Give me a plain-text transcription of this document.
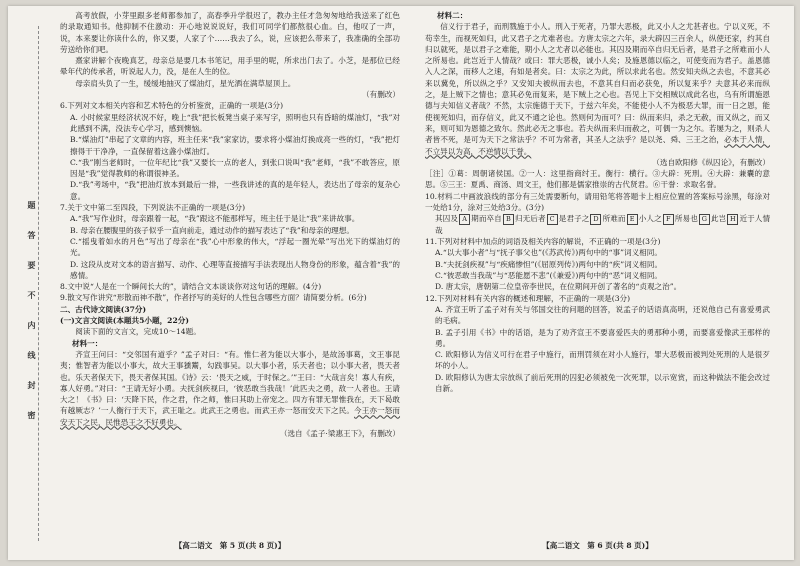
题
答
要
不
内
线
封
密

高考放假，小芽里跟多老师都参加了，高春季升学很迟了，教办主任才急匆匆地给我送来了红色的录取通知书。他抑制不住激动：开心地说说说好，我们可同学们都熬很心血。白，他叹了一声，说，本来要让你读什么的，你又要，人家了个……我去了么，说，应该把么带来了，我准确的全部功劳送给你们吧。

熹家讲解个夜晚真艺，母亲总是要几本书笔记，用手里的呢，所求出门去了。小芝，是那位已经晕年代的传承者，听说起人力，没，是在人生的位。

母亲肩头负了一生，缓缓地抽灭了煤油灯，星光洒在满草屋顶上。

（有删改）

6.下列对文本相关内容和艺术特色的分析鉴赏，正确的一项是(3分)

A. 小时候家里经济状况不好，晚上“我”把长板凳当桌子来写字，照明也只有昏暗的煤油灯，“我”对此感到不满，没法专心学习，感到懊恼。

B.“煤油灯”串起了文章的内容，班主任来“我”家家访，要求将小煤油灯换成亮一些的灯，“我”把灯擦得干干净净，一直保留着这盏小煤油灯。

C.“我”刚当老师时，一位年纪比“我”又要长一点的老人，到张口说叫“我”老师，“我”不敢答应，原因是“我”觉得教师的称谓很神圣。

D.“我”考场中，“我”把油灯放本到最后一排，一些我讲述的真的是年轻人，表达出了母亲的复杂心意。

7.关于文中第二至四段，下列说法不正确的一项是(3分)

A.“我”写作业时，母亲跟着一起，“我”跟这不能那样写，班主任于是让“我”来讲故事。

B. 母亲在腰腹里的孩子似乎一直向前走，通过动作的描写表达了“我”和母亲的理想。

C.“摇曳着如水的月色”写出了母亲在“我”心中形象的伟大，“浮起一圈光晕”写出光下的煤油灯的光。

D. 这段从皮对文本的语言描写、动作、心理等直接描写手法表现出人物身份的形象，蕴含着“我”的感情。

8.文中说“人是在一个瞬间长大的”，请结合文本谈谈你对这句话的理解。(4分)

9.散文写作讲究“形散而神不散”，作者抒写的美好的人性包含哪些方面？请简要分析。(6分)

二、古代诗文阅读(37分)

(一)文言文阅读(本题共5小题，22分)

阅读下面的文言文，完成10～14题。

材料一：

齐宣王问曰：“交邻国有道乎？”孟子对曰：“有。惟仁者为能以大事小，是故汤事葛，文王事昆夷；惟智者为能以小事大，故大王事獯鬻，勾践事吴。以大事小者，乐天者也；以小事大者，畏天者也。乐天者保天下，畏天者保其国。《诗》云：‘畏天之威，于时保之。’”王曰：“大哉言矣！寡人有疾，寡人好勇。”对曰：“王请无好小勇。夫抚剑疾视曰，‘彼恶敢当我哉！’此匹夫之勇，敌一人者也。王请大之！《书》曰：‘天降下民，作之君，作之师，惟曰其助上帝宠之。四方有罪无罪惟我在，天下曷敢有越厥志？’一人衡行于天下，武王耻之。此武王之勇也。而武王亦一怒而安天下之民。今王亦一怒而安天下之民，民惟恐王之不好勇也。

（选自《孟子·梁惠王下》，有删改）

材料二：

信义行于君子，而刑戮施于小人。刑入于死者，乃罪大恶极，此又小人之尤甚者也。宁以义死，不苟幸生，而视死如归，此又君子之尤难者也。方唐太宗之六年，录大辟囚三百余人，纵使还家，约其自归以就死，是以君子之难能，期小人之尤者以必能也。其囚及期而卒自归无后者，是君子之所难而小人之所易也。此岂近于人情哉？或曰：罪大恶极，诚小人矣；及施恩德以临之，可使变而为君子。盖恩德入人之深，而移人之速，有如是者矣。曰：太宗之为此，所以求此名也。然安知夫纵之去也，不意其必来以冀免，所以纵之乎？又安知夫被纵而去也，不意其自归而必获免，所以复来乎？夫意其必来而纵之，是上贼下之情也；意其必免而复来，是下贼上之心也。吾见上下交相贼以成此名也，乌有所谓施恩德与夫知信义者哉？不然，太宗施德于天下，于兹六年矣，不能使小人不为极恶大罪，而一日之恩，能使视死如归，而存信义，此又不通之论也。然则何为而可？曰：纵而来归，杀之无赦，而又纵之，而又来，则可知为恩德之致尔。然此必无之事也。若夫纵而来归而赦之，可偶一为之尔。若屡为之，则杀人者皆不死，是可为天下之常法乎？不可为常者，其圣人之法乎？是以尧、舜、三王之治，必本于人情，不立异以为高，不逆情以干誉。

（选自欧阳修《纵囚论》，有删改）

［注］①葛：周朝诸侯国。②一人：这里指商纣王。衡行：横行。③大辟：死刑。④大辟：兼囊的意思。⑤三王：夏禹、商汤、周文王，他们都是儒家推崇的古代贤君。⑥干誉：求取名誉。

10.材料二中画波浪线的部分有三处需要断句，请用铅笔将答题卡上相应位置的答案标号涂黑，每涂对一处给1分，涂对三处给3分。(3分)

其囚及 A 期而卒自 B 归无后者 C 是君子之 D 所难而 E 小人之 F 所易也 G 此岂 H 近于人情哉

11.下列对材料中加点的词语及相关内容的解说，不正确的一项是(3分)

A.“以大事小者”与“抚子事父也”(《苏武传》)两句中的“事”词义相同。

B.“夫抚剑疾视”与“疾痛惨怛”(《屈原列传》)两句中的“疾”词义相同。

C.“彼恶敢当我哉”与“恶能愿不悲”(《兼爱》)两句中的“恶”词义相同。

D. 唐太宗，唐朝第二位皇帝李世民，在位期间开创了著名的“贞观之治”。

12.下列对材料有关内容的概述和理解，不正确的一项是(3分)

A. 齐宣王听了孟子对有关与邻国交往的问题的回答，说孟子的话语真高明，还说他自己有喜爱勇武的毛病。

B. 孟子引用《书》中的话语，是为了劝齐宣王不要喜爱匹夫的勇那种小勇，而要喜爱像武王那样的勇。

C. 欧阳修认为信义可行在君子中施行，而刑罚须在对小人施行，罪大恶极而被判处死刑的人是很歹坏的小人。

D. 欧阳修认为唐太宗放纵了前后死刑的囚犯必须被免一次死罪，以示宽赏，而这种做法不能会改过自新。

【高二语文　第 5 页(共 8 页)】	【高二语文　第 6 页(共 8 页)】
